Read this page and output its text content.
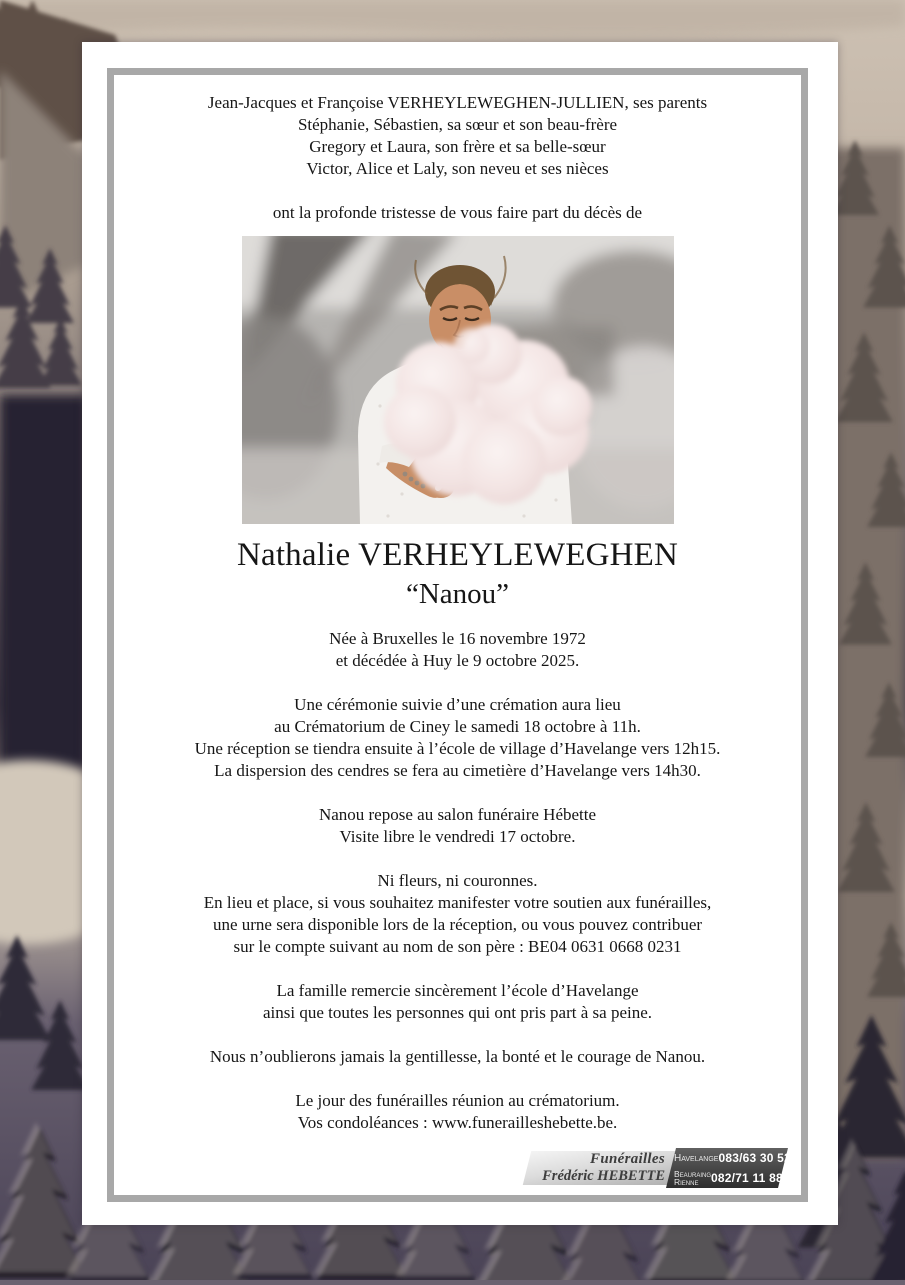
Jean-Jacques et Françoise VERHEYLEWEGHEN-JULLIEN, ses parents
Stéphanie, Sébastien, sa sœur et son beau-frère
Gregory et Laura, son frère et sa belle-sœur
Victor, Alice et Laly, son neveu et ses nièces
ont la profonde tristesse de vous faire part du décès de
Nathalie VERHEYLEWEGHEN
“Nanou”
Née à Bruxelles le 16 novembre 1972
et décédée à Huy le 9 octobre 2025.
Une cérémonie suivie d’une crémation aura lieu
au Crématorium de Ciney le samedi 18 octobre à 11h.
Une réception se tiendra ensuite à l’école de village d’Havelange vers 12h15.
La dispersion des cendres se fera au cimetière d’Havelange vers 14h30.
Nanou repose au salon funéraire Hébette
Visite libre le vendredi 17 octobre.
Ni fleurs, ni couronnes.
En lieu et place, si vous souhaitez manifester votre soutien aux funérailles,
une urne sera disponible lors de la réception, ou vous pouvez contribuer
sur le compte suivant au nom de son père : BE04 0631 0668 0231
La famille remercie sincèrement l’école d’Havelange
ainsi que toutes les personnes qui ont pris part à sa peine.
Nous n’oublierons jamais la gentillesse, la bonté et le courage de Nanou.
Le jour des funérailles réunion au crématorium.
Vos condoléances : www.funerailleshebette.be.
Funérailles
Frédéric HEBETTE
Havelange 083/63 30 52
Beauraing
Rienne	082/71 11 88
